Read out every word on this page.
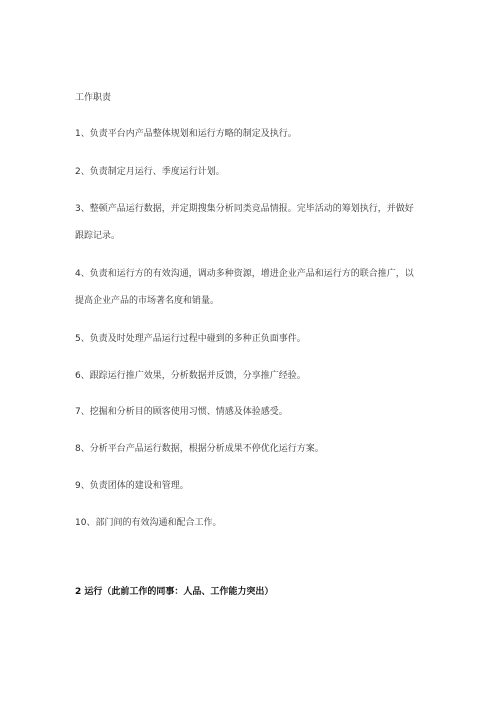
工作职责
1、负责平台内产品整体规划和运行方略的制定及执行。
2、负责制定月运行、季度运行计划。
3、整顿产品运行数据，并定期搜集分析同类竞品情报。完毕活动的筹划执行，并做好
跟踪记录。
4、负责和运行方的有效沟通，调动多种资源，增进企业产品和运行方的联合推广，以
提高企业产品的市场著名度和销量。
5、负责及时处理产品运行过程中碰到的多种正负面事件。
6、跟踪运行推广效果，分析数据并反馈，分享推广经验。
7、挖掘和分析目的顾客使用习惯、情感及体验感受。
8、分析平台产品运行数据，根据分析成果不停优化运行方案。
9、负责团体的建设和管理。
10、部门间的有效沟通和配合工作。
2 运行（此前工作的同事：人品、工作能力突出）
